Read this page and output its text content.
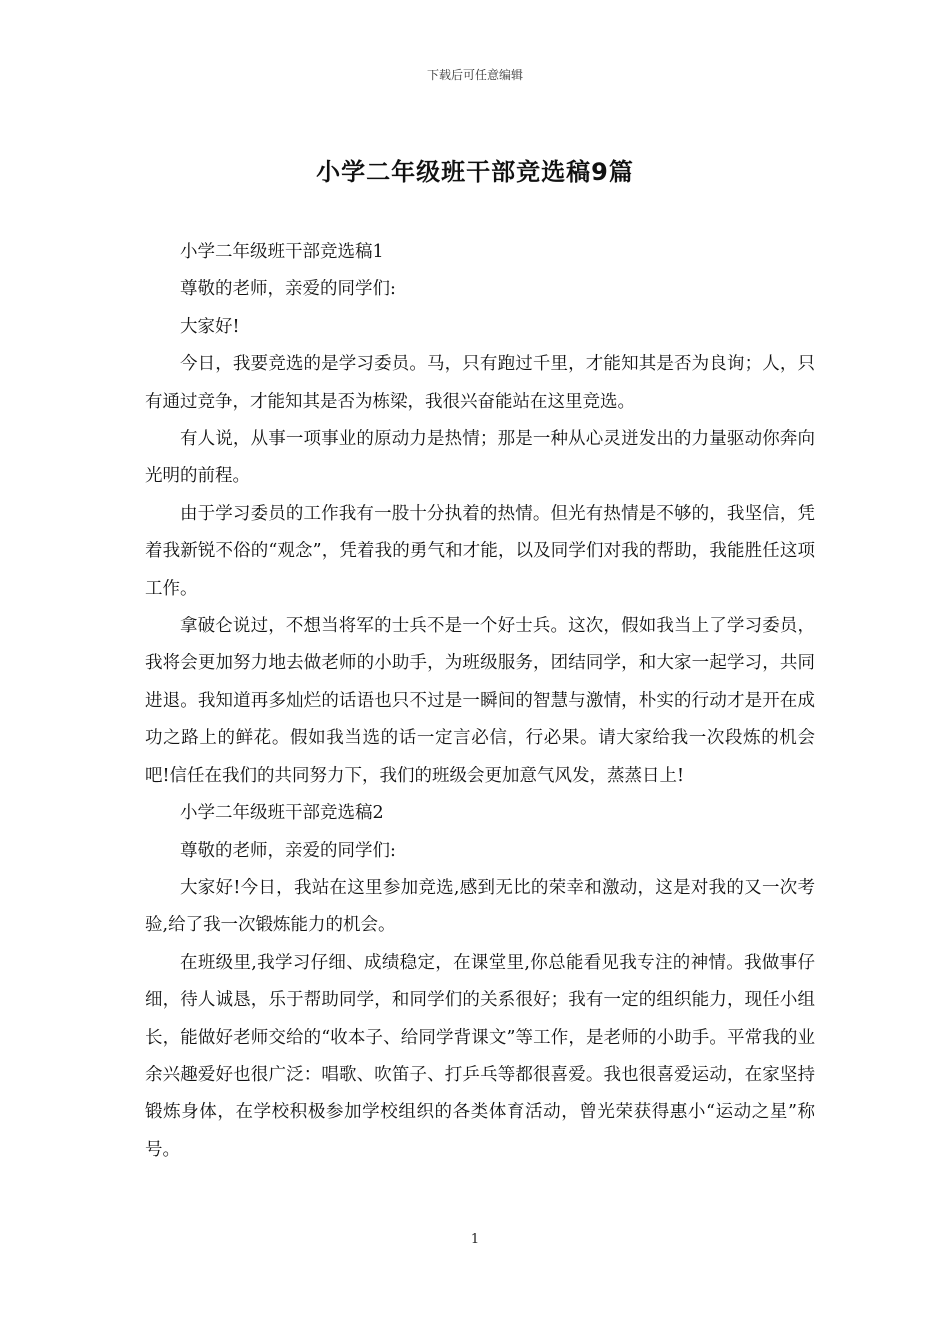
下载后可任意编辑
小学二年级班干部竞选稿9篇

小学二年级班干部竞选稿1

尊敬的老师，亲爱的同学们:

大家好!

今日，我要竞选的是学习委员。马，只有跑过千里，才能知其是否为良询；人，只有通过竞争，才能知其是否为栋梁，我很兴奋能站在这里竞选。

有人说，从事一项事业的原动力是热情；那是一种从心灵迸发出的力量驱动你奔向光明的前程。

由于学习委员的工作我有一股十分执着的热情。但光有热情是不够的，我坚信，凭着我新锐不俗的“观念”，凭着我的勇气和才能，以及同学们对我的帮助，我能胜任这项工作。

拿破仑说过，不想当将军的士兵不是一个好士兵。这次，假如我当上了学习委员，我将会更加努力地去做老师的小助手，为班级服务，团结同学，和大家一起学习，共同进退。我知道再多灿烂的话语也只不过是一瞬间的智慧与激情，朴实的行动才是开在成功之路上的鲜花。假如我当选的话一定言必信，行必果。请大家给我一次段炼的机会吧!信任在我们的共同努力下，我们的班级会更加意气风发，蒸蒸日上!

小学二年级班干部竞选稿2

尊敬的老师，亲爱的同学们:

大家好!今日，我站在这里参加竞选,感到无比的荣幸和激动，这是对我的又一次考验,给了我一次锻炼能力的机会。

在班级里,我学习仔细、成绩稳定，在课堂里,你总能看见我专注的神情。我做事仔细，待人诚恳，乐于帮助同学，和同学们的关系很好；我有一定的组织能力，现任小组长，能做好老师交给的“收本子、给同学背课文”等工作，是老师的小助手。平常我的业余兴趣爱好也很广泛：唱歌、吹笛子、打乒乓等都很喜爱。我也很喜爱运动，在家坚持锻炼身体，在学校积极参加学校组织的各类体育活动，曾光荣获得惠小“运动之星”称号。

1
